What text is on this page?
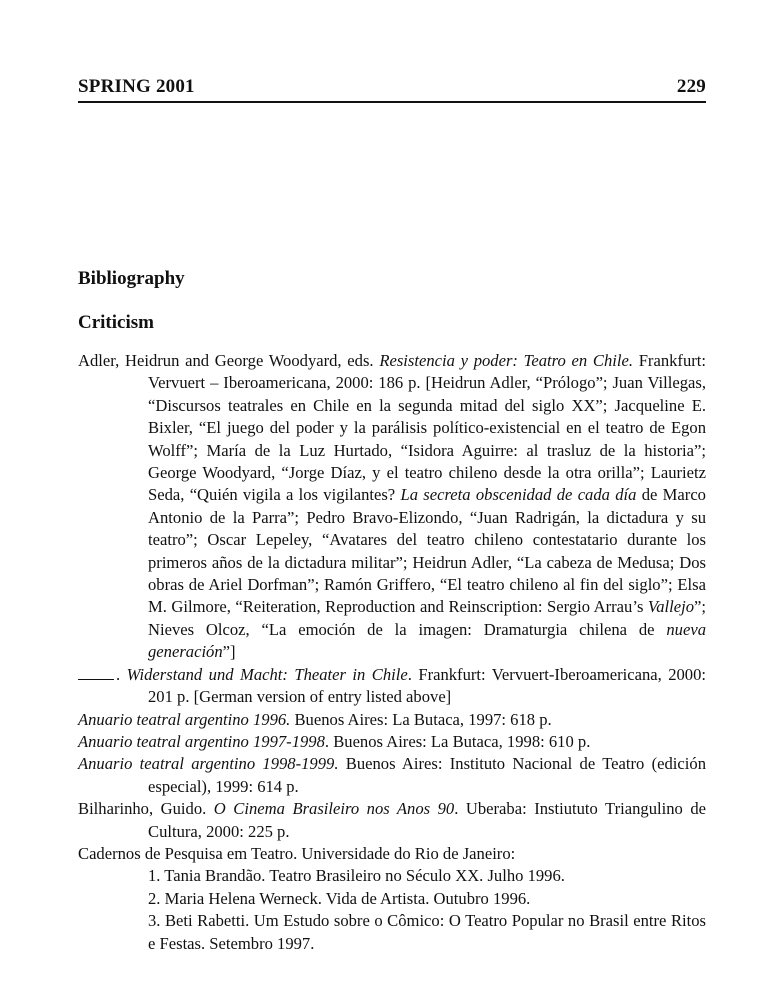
SPRING 2001	229
Bibliography
Criticism
Adler, Heidrun and George Woodyard, eds. Resistencia y poder: Teatro en Chile. Frankfurt: Vervuert – Iberoamericana, 2000: 186 p. [Heidrun Adler, “Prólogo”; Juan Villegas, “Discursos teatrales en Chile en la segunda mitad del siglo XX”; Jacqueline E. Bixler, “El juego del poder y la parálisis político-existencial en el teatro de Egon Wolff”; María de la Luz Hurtado, “Isidora Aguirre: al trasluz de la historia”; George Woodyard, “Jorge Díaz, y el teatro chileno desde la otra orilla”; Laurietz Seda, “Quién vigila a los vigilantes? La secreta obscenidad de cada día de Marco Antonio de la Parra”; Pedro Bravo-Elizondo, “Juan Radrigán, la dictadura y su teatro”; Oscar Lepeley, “Avatares del teatro chileno contestatario durante los primeros años de la dictadura militar”; Heidrun Adler, “La cabeza de Medusa; Dos obras de Ariel Dorfman”; Ramón Griffero, “El teatro chileno al fin del siglo”; Elsa M. Gilmore, “Reiteration, Reproduction and Reinscription: Sergio Arrau’s Vallejo”; Nieves Olcoz, “La emoción de la imagen: Dramaturgia chilena de nueva generación”]
. Widerstand und Macht: Theater in Chile. Frankfurt: Vervuert-Iberoamericana, 2000: 201 p. [German version of entry listed above]
Anuario teatral argentino 1996. Buenos Aires: La Butaca, 1997: 618 p.
Anuario teatral argentino 1997-1998. Buenos Aires: La Butaca, 1998: 610 p.
Anuario teatral argentino 1998-1999. Buenos Aires: Instituto Nacional de Teatro (edición especial), 1999: 614 p.
Bilharinho, Guido. O Cinema Brasileiro nos Anos 90. Uberaba: Instiututo Triangulino de Cultura, 2000: 225 p.
Cadernos de Pesquisa em Teatro. Universidade do Rio de Janeiro:
1. Tania Brandão. Teatro Brasileiro no Século XX. Julho 1996.
2. Maria Helena Werneck. Vida de Artista. Outubro 1996.
3. Beti Rabetti. Um Estudo sobre o Cômico: O Teatro Popular no Brasil entre Ritos e Festas. Setembro 1997.
